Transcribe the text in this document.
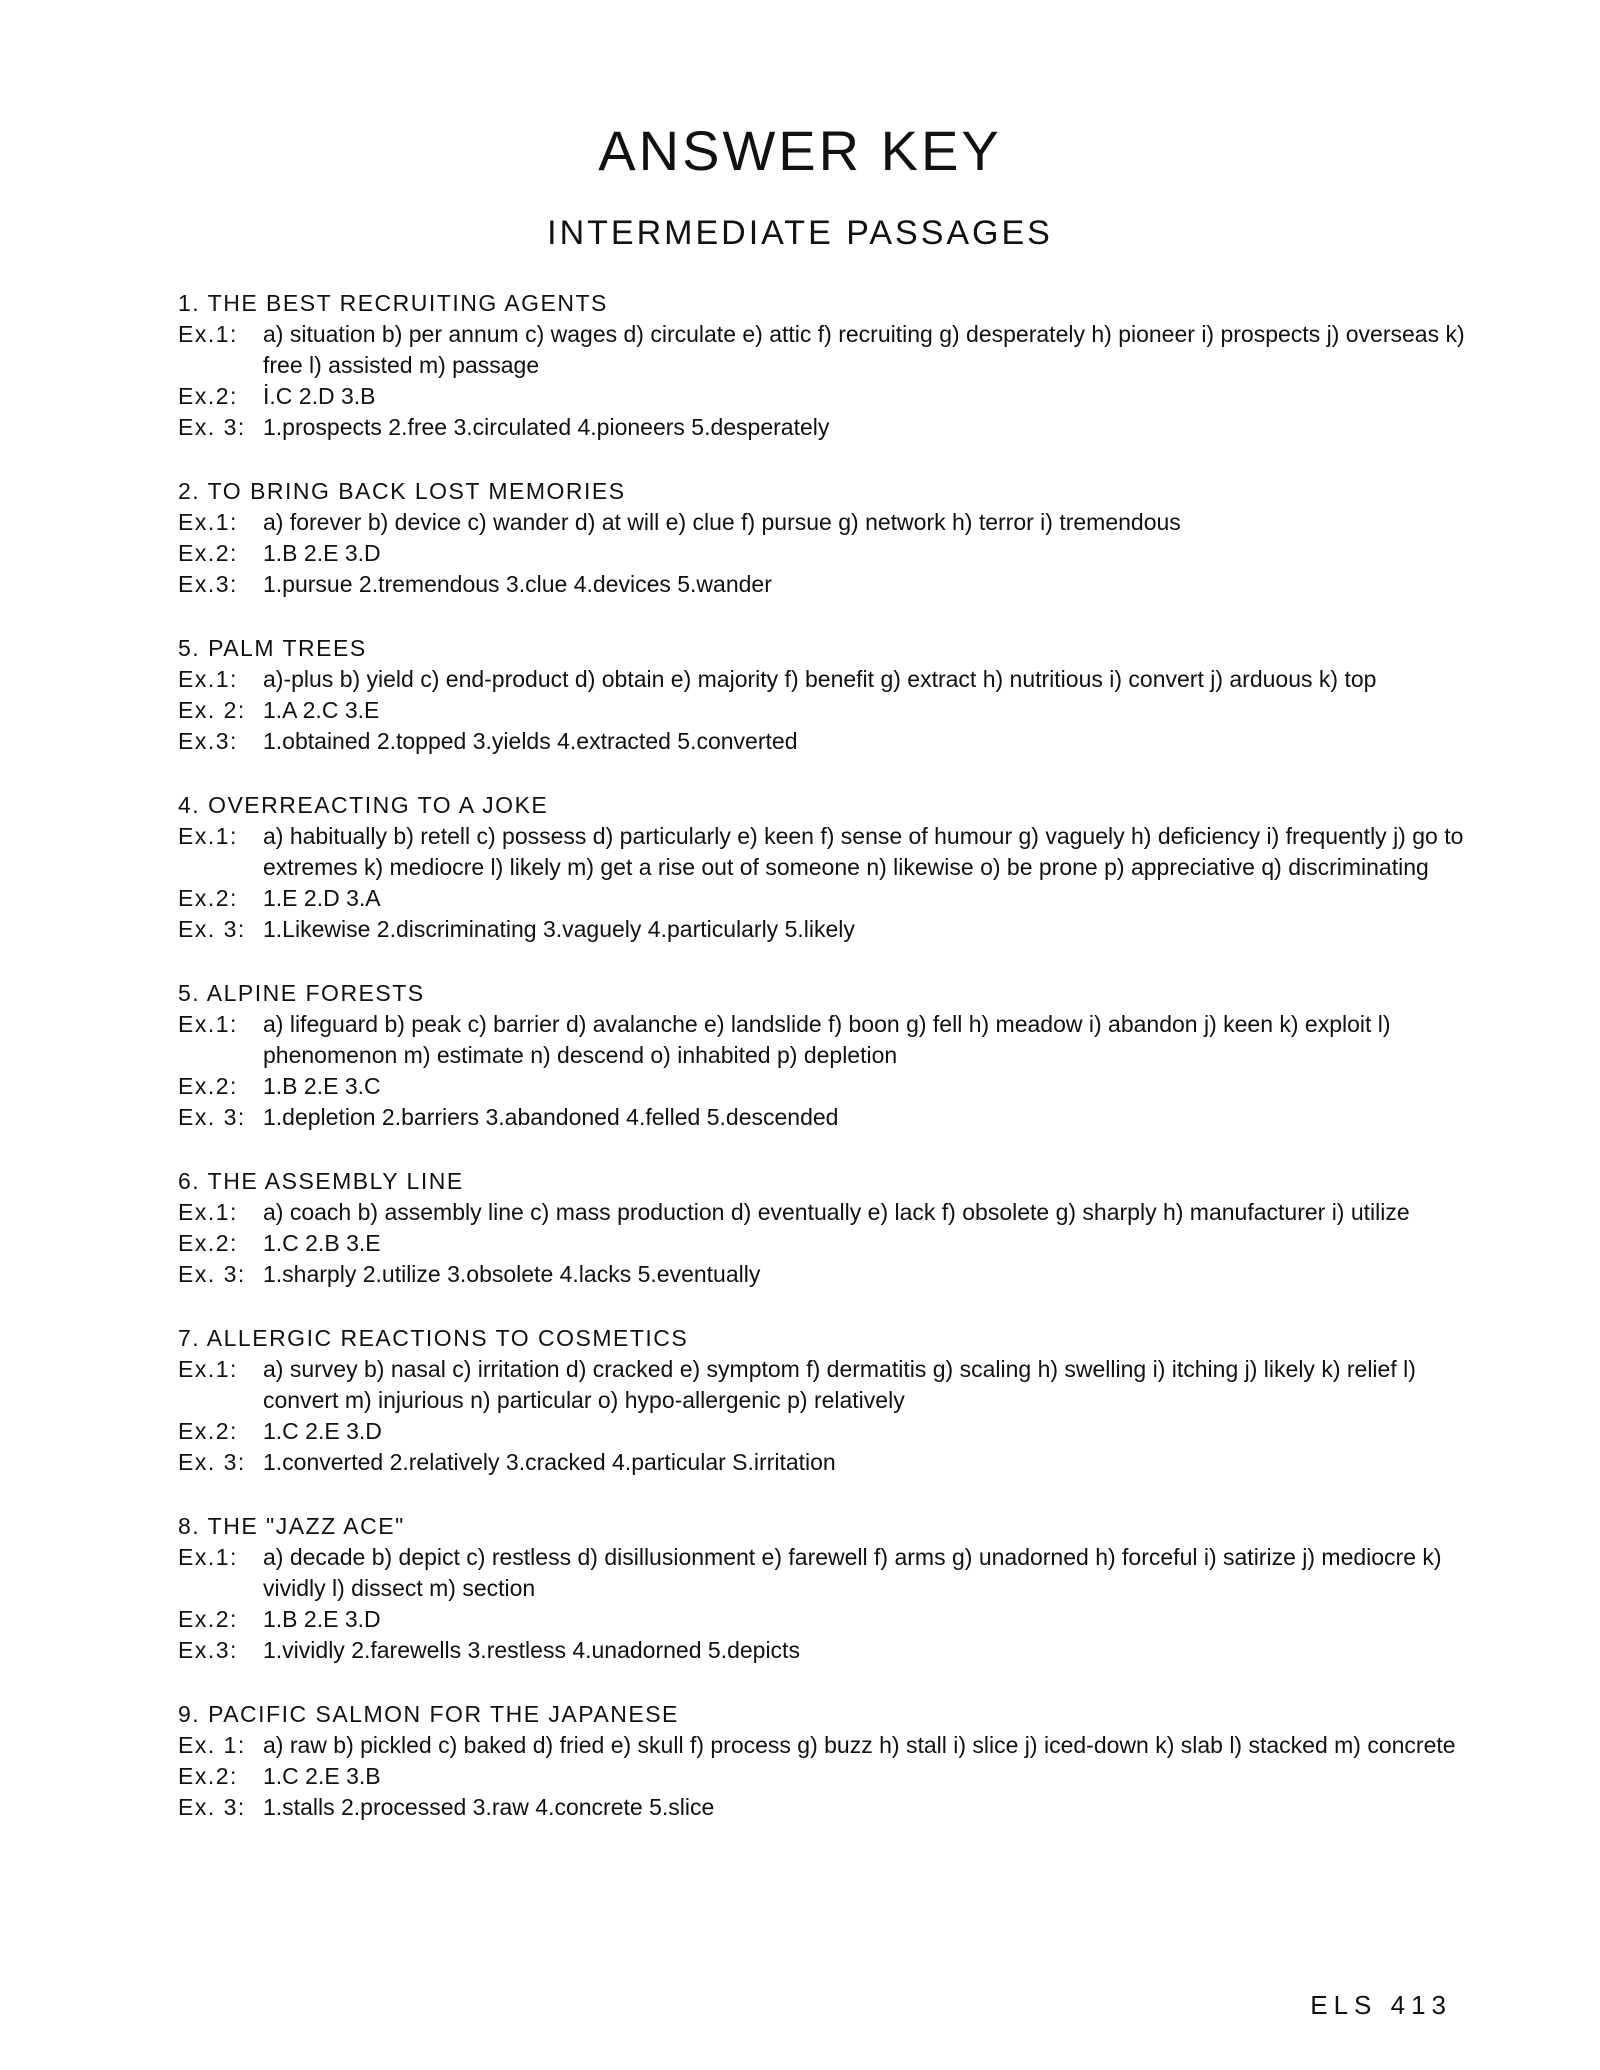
ANSWER KEY
INTERMEDIATE PASSAGES
1. THE BEST RECRUITING AGENTS
Ex.1:	a) situation b) per annum c) wages d) circulate e) attic f) recruiting g) desperately h) pioneer i) prospects j) overseas k) free l) assisted m) passage
Ex.2:	İ.C 2.D 3.B
Ex. 3: 1.prospects 2.free 3.circulated 4.pioneers 5.desperately
2. TO BRING BACK LOST MEMORIES
Ex.1:	a) forever b) device c) wander d) at will e) clue f) pursue g) network h) terror i) tremendous
Ex.2:	1.B 2.E 3.D
Ex.3:	1.pursue 2.tremendous 3.clue 4.devices 5.wander
5. PALM TREES
Ex.1:	a)-plus b) yield c) end-product d) obtain e) majority f) benefit g) extract h) nutritious i) convert j) arduous k) top
Ex. 2: 1.A 2.C 3.E
Ex.3:	1.obtained 2.topped 3.yields 4.extracted 5.converted
4. OVERREACTING TO A JOKE
Ex.1:	a) habitually b) retell c) possess d) particularly e) keen f) sense of humour g) vaguely h) deficiency i) frequently j) go to extremes k) mediocre l) likely m) get a rise out of someone n) likewise o) be prone p) appreciative q) discriminating
Ex.2:	1.E 2.D 3.A
Ex. 3: 1.Likewise 2.discriminating 3.vaguely 4.particularly 5.likely
5. ALPINE FORESTS
Ex.1:	a) lifeguard b) peak c) barrier d) avalanche e) landslide f) boon g) fell h) meadow i) abandon j) keen k) exploit l) phenomenon m) estimate n) descend o) inhabited p) depletion
Ex.2:	1.B 2.E 3.C
Ex. 3: 1.depletion 2.barriers 3.abandoned 4.felled 5.descended
6. THE ASSEMBLY LINE
Ex.1:	a) coach b) assembly line c) mass production d) eventually e) lack f) obsolete g) sharply h) manufacturer i) utilize
Ex.2:	1.C 2.B 3.E
Ex. 3: 1.sharply 2.utilize 3.obsolete 4.lacks 5.eventually
7. ALLERGIC REACTIONS TO COSMETICS
Ex.1:	a) survey b) nasal c) irritation d) cracked e) symptom f) dermatitis g) scaling h) swelling i) itching j) likely k) relief l) convert m) injurious n) particular o) hypo-allergenic p) relatively
Ex.2:	1.C 2.E 3.D
Ex. 3: 1.converted 2.relatively 3.cracked 4.particular S.irritation
8. THE "JAZZ ACE"
Ex.1:	a) decade b) depict c) restless d) disillusionment e) farewell f) arms g) unadorned h) forceful i) satirize j) mediocre k) vividly l) dissect m) section
Ex.2:	1.B 2.E 3.D
Ex.3:	1.vividly 2.farewells 3.restless 4.unadorned 5.depicts
9. PACIFIC SALMON FOR THE JAPANESE
Ex. 1: a) raw b) pickled c) baked d) fried e) skull f) process g) buzz h) stall i) slice j) iced-down k) slab l) stacked m) concrete
Ex.2:	1.C 2.E 3.B
Ex. 3: 1.stalls 2.processed 3.raw 4.concrete 5.slice
ELS 413
